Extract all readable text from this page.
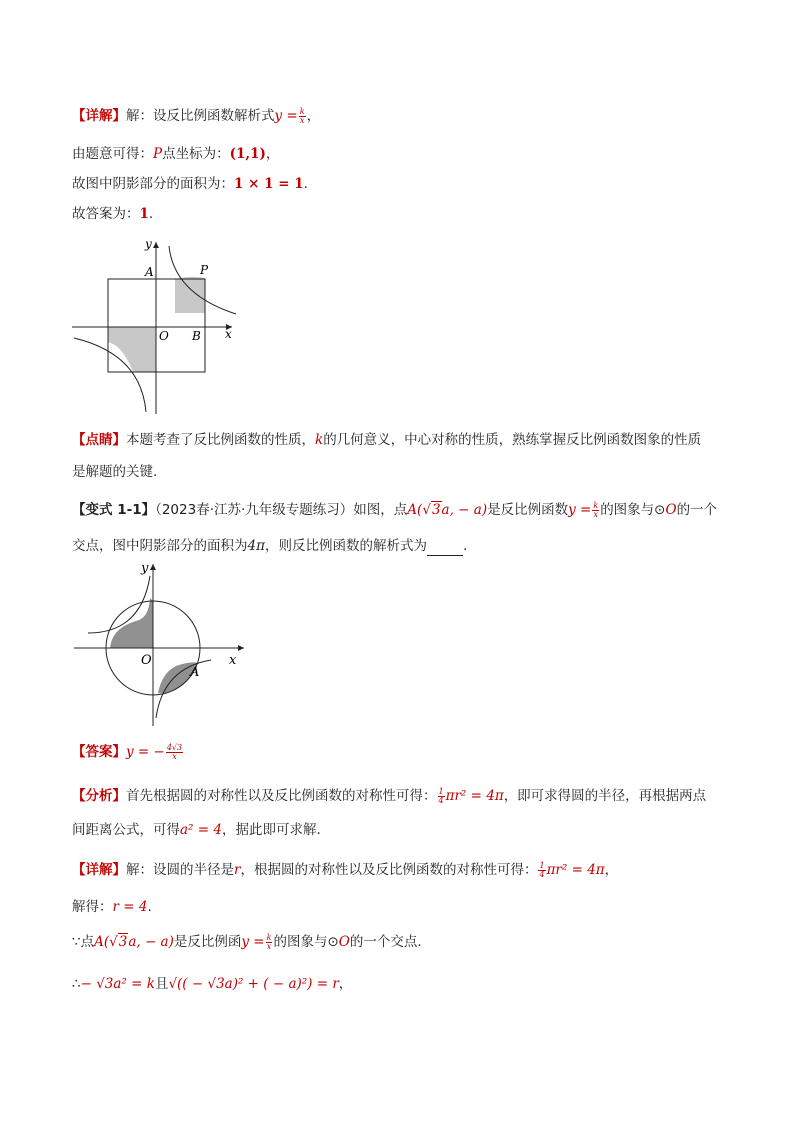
【详解】解：设反比例函数解析式$y = \frac{k}{x}$ ，
由题意可得：P点坐标为：(1,1)，
故图中阴影部分的面积为：1 × 1 = 1.
故答案为：1.
y
x
A	P
O B
【点睛】本题考查了反比例函数的性质，k的几何意义，中心对称的性质，熟练掌握反比例函数图象的性质
是解题的关键.
【变式 1-1】（2023春·江苏·九年级专题练习）如图，点A(√3a, − a)是反比例函数$y = \frac{k}{x}$ 的图象与⊙O的一个
交点，图中阴影部分的面积为4π，则反比例函数的解析式为	.
y
x
O
A
【答案】y = − $\frac{4√3}{x}$
【分析】首先根据圆的对称性以及反比例函数的对称性可得： $\frac{1}{4} \pi r^2 = 4\pi$，即可求得圆的半径，再根据两点
间距离公式，可得a² = 4，据此即可求解.
【详解】解：设圆的半径是r，根据圆的对称性以及反比例函数的对称性可得： $\frac{1}{4} \pi r^2 = 4\pi$，
解得：r = 4.
∵点A(√3a, − a)是反比例函$y = \frac{k}{x}$ 的图象与⊙O的一个交点.
∴− √3a² = k且√(( − √3a)² + ( − a)²) = r，
